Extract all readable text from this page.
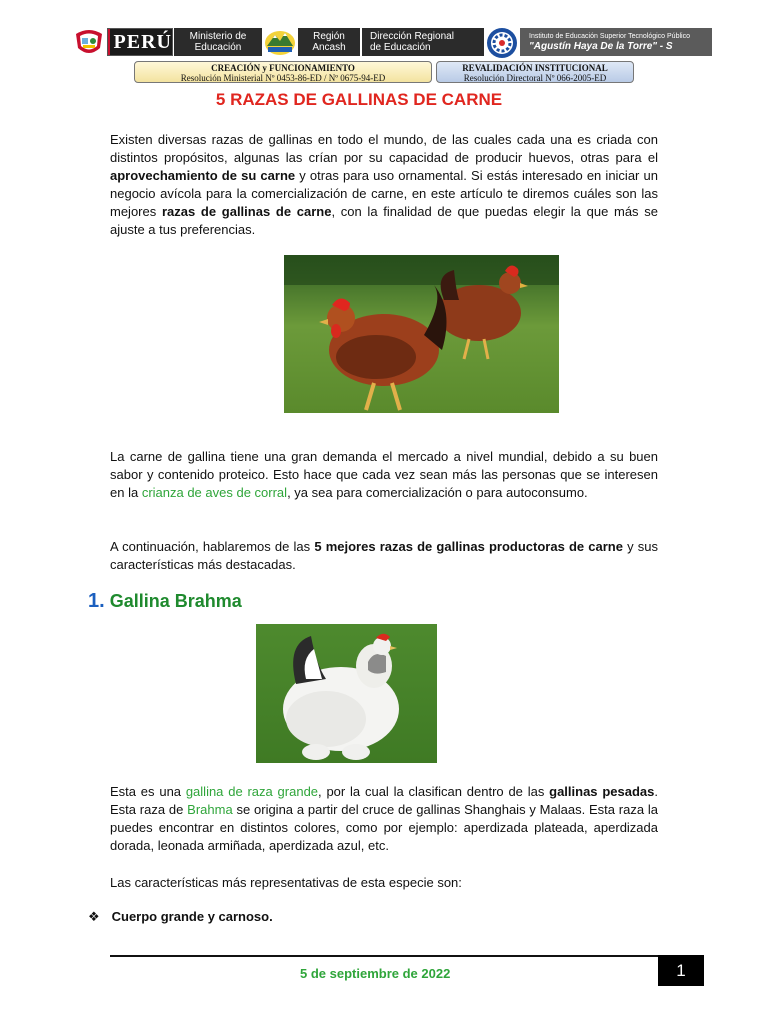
PERÚ Ministerio de
Educación
Región
Ancash
Dirección Regional
de Educación
Instituto de Educación Superior Tecnológico Público
"Agustín Haya De la Torre" - S
CREACIÓN y FUNCIONAMIENTO
Resolución Ministerial Nº 0453-86-ED / Nº 0675-94-ED
REVALIDACIÓN INSTITUCIONAL
Resolución Directoral Nº 066-2005-ED
5 RAZAS DE GALLINAS DE CARNE

Existen diversas razas de gallinas en todo el mundo, de las cuales cada una es criada con distintos propósitos, algunas las crían por su capacidad de producir huevos, otras para el aprovechamiento de su carne y otras para uso ornamental. Si estás interesado en iniciar un negocio avícola para la comercialización de carne, en este artículo te diremos cuáles son las mejores razas de gallinas de carne, con la finalidad de que puedas elegir la que más se ajuste a tus preferencias.

La carne de gallina tiene una gran demanda el mercado a nivel mundial, debido a su buen sabor y contenido proteico. Esto hace que cada vez sean más las personas que se interesen en la crianza de aves de corral, ya sea para comercialización o para autoconsumo.

A continuación, hablaremos de las 5 mejores razas de gallinas productoras de carne y sus características más destacadas.

1. Gallina Brahma

Esta es una gallina de raza grande, por la cual la clasifican dentro de las gallinas pesadas. Esta raza de Brahma se origina a partir del cruce de gallinas Shanghais y Malaas. Esta raza la puedes encontrar en distintos colores, como por ejemplo: aperdizada plateada, aperdizada dorada, leonada armiñada, aperdizada azul, etc.

Las características más representativas de esta especie son:

❖ Cuerpo grande y carnoso.
5 de septiembre de 2022	1
